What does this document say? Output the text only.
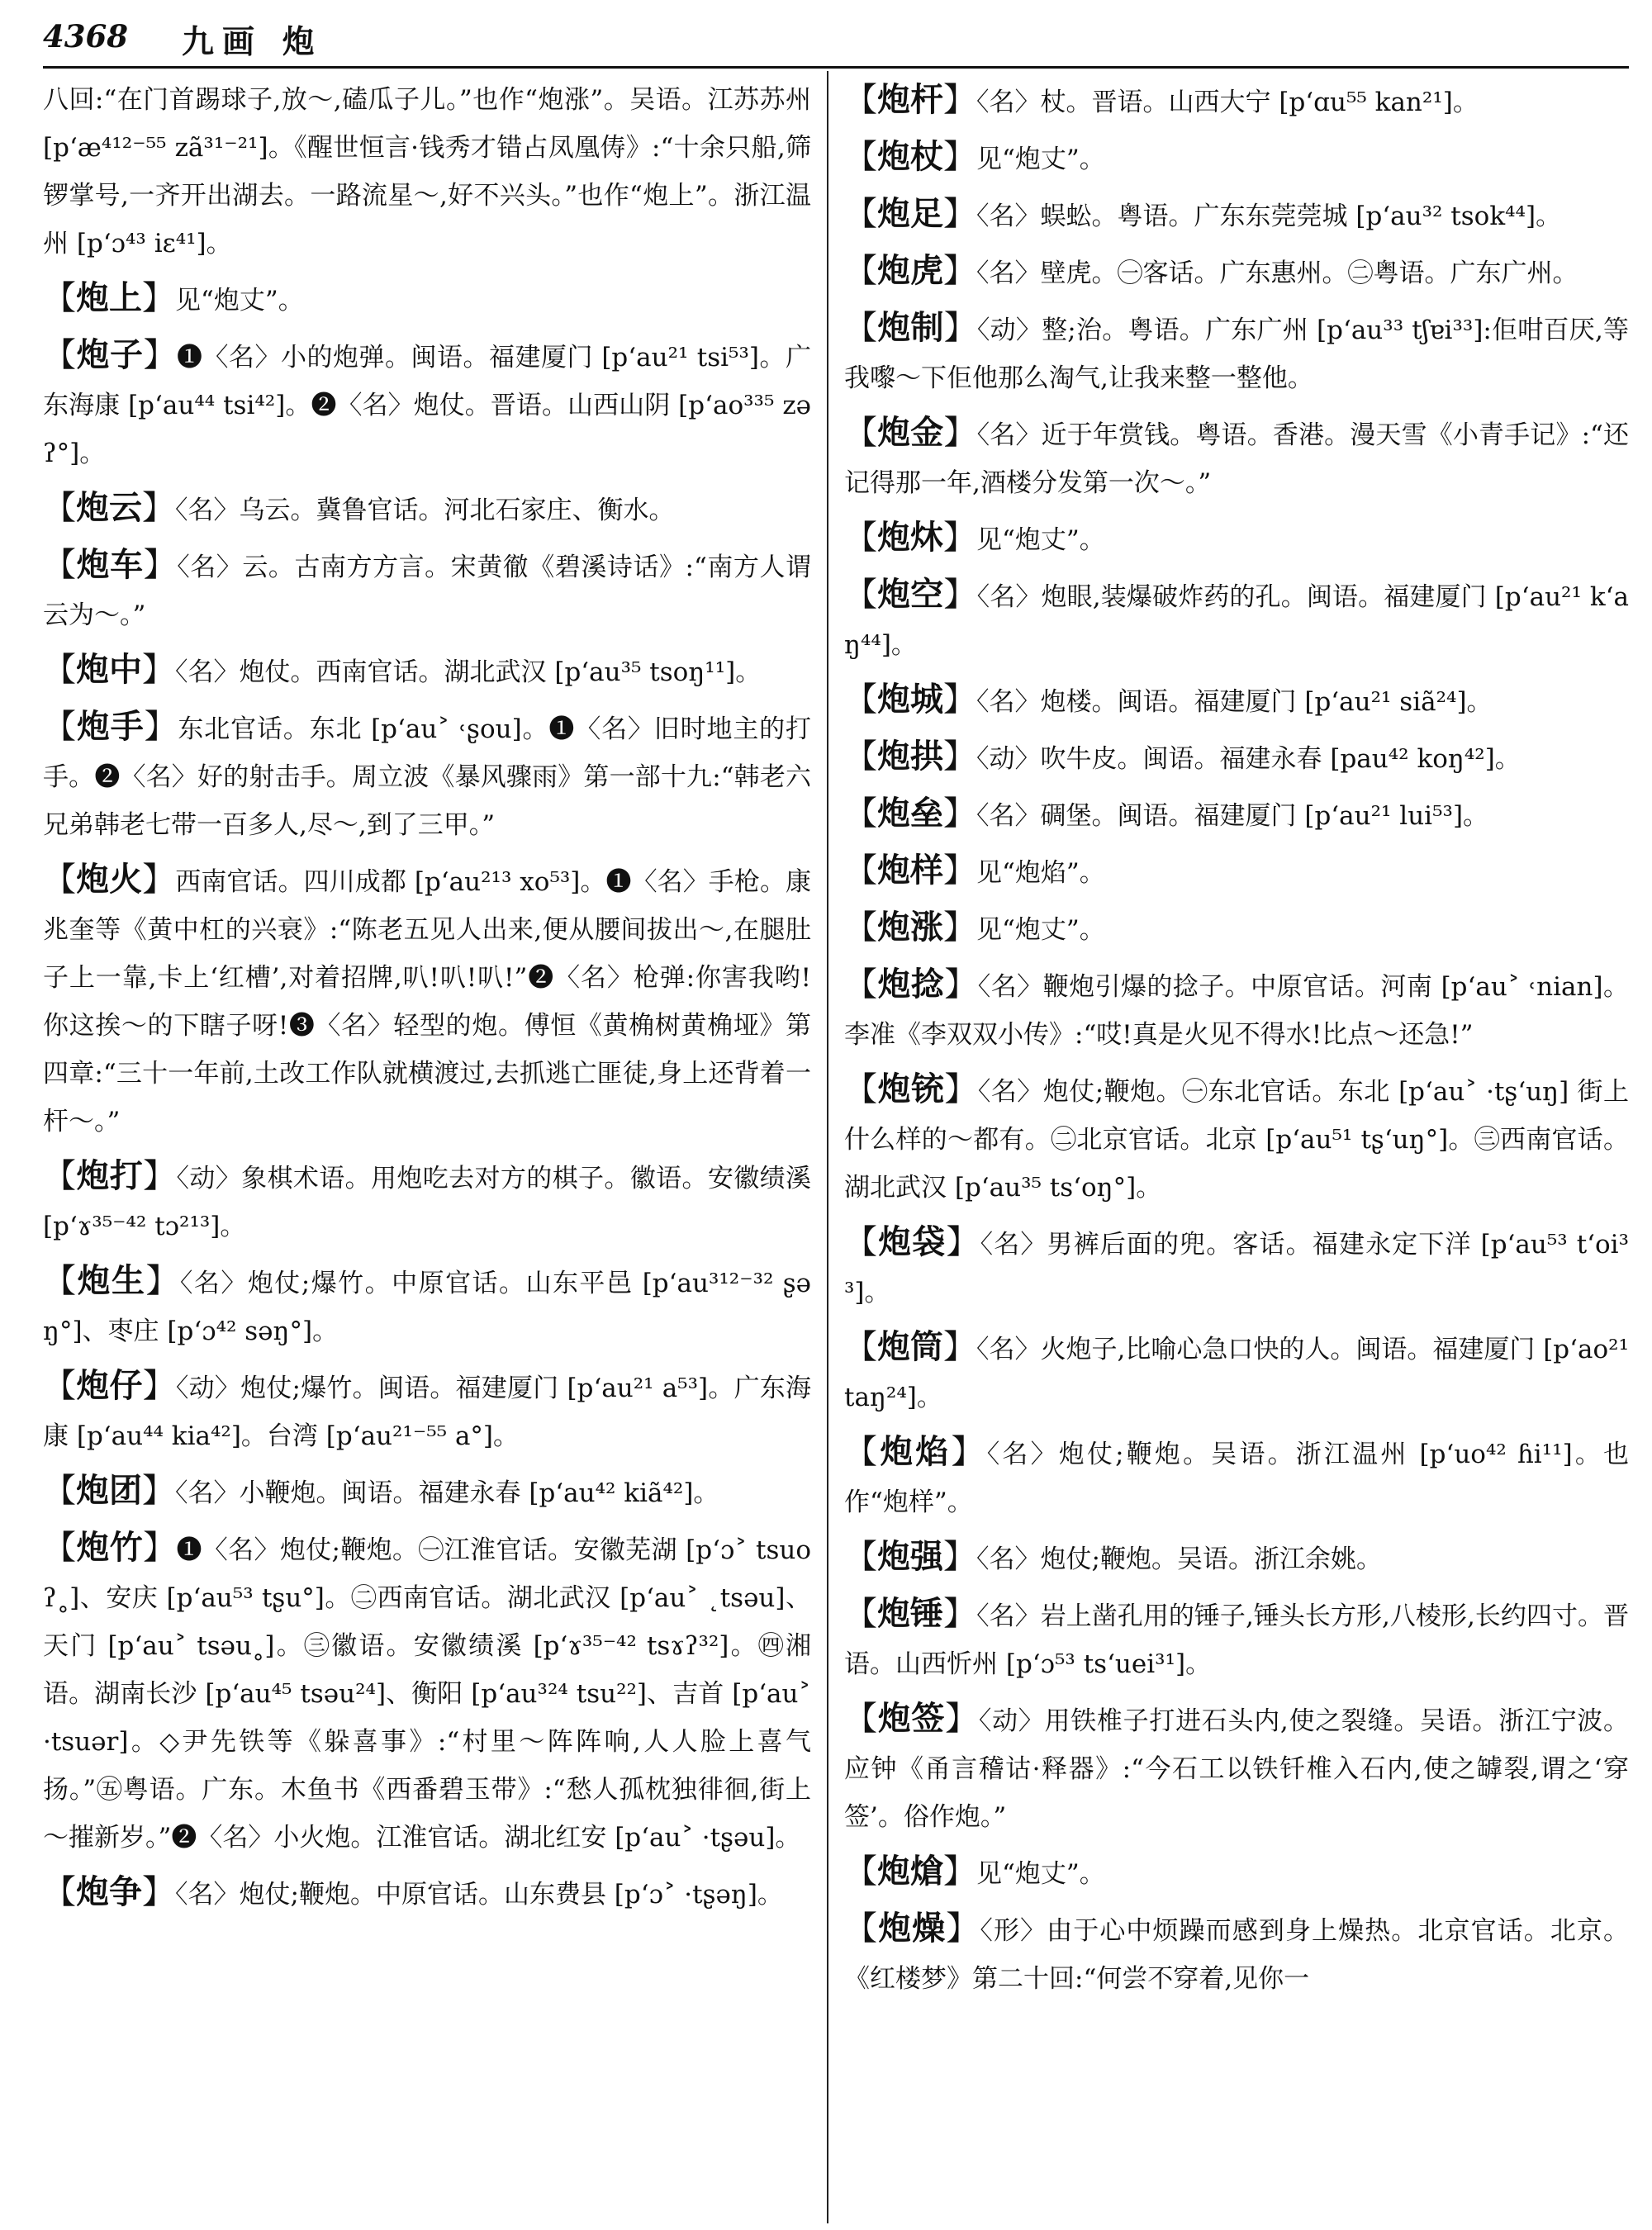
4368 九画 炮
八回:“在门首踢球子,放～,磕瓜子儿。”也作“炮涨”。吴语。江苏苏州 [pʻæ⁴¹²⁻⁵⁵ zã³¹⁻²¹]。《醒世恒言·钱秀才错占凤凰俦》:“十余只船,筛锣掌号,一齐开出湖去。一路流星～,好不兴头。”也作“炮上”。浙江温州 [pʻɔ⁴³ iɛ⁴¹]。
【炮上】见“炮丈”。
【炮子】❶〈名〉小的炮弹。闽语。福建厦门 [pʻau²¹ tsi⁵³]。广东海康 [pʻau⁴⁴ tsi⁴²]。❷〈名〉炮仗。晋语。山西山阴 [pʻao³³⁵ zəʔ°]。
【炮云】〈名〉乌云。冀鲁官话。河北石家庄、衡水。
【炮车】〈名〉云。古南方方言。宋黄徹《碧溪诗话》:“南方人谓云为～。”
【炮中】〈名〉炮仗。西南官话。湖北武汉 [pʻau³⁵ tsoŋ¹¹]。
【炮手】东北官话。东北 [pʻau˃ ˓ʂou]。❶〈名〉旧时地主的打手。❷〈名〉好的射击手。周立波《暴风骤雨》第一部十九:“韩老六兄弟韩老七带一百多人,尽～,到了三甲。”
【炮火】西南官话。四川成都 [pʻau²¹³ xo⁵³]。❶〈名〉手枪。康兆奎等《黄中杠的兴衰》:“陈老五见人出来,便从腰间拔出～,在腿肚子上一靠,卡上‘红槽’,对着招牌,叭!叭!叭!”❷〈名〉枪弹:你害我哟!你这挨～的下瞎子呀!❸〈名〉轻型的炮。傅恒《黄桷树黄桷垭》第四章:“三十一年前,土改工作队就横渡过,去抓逃亡匪徒,身上还背着一杆～。”
【炮打】〈动〉象棋术语。用炮吃去对方的棋子。徽语。安徽绩溪 [pʻɤ³⁵⁻⁴² tɔ²¹³]。
【炮生】〈名〉炮仗;爆竹。中原官话。山东平邑 [pʻau³¹²⁻³² ʂəŋ°]、枣庄 [pʻɔ⁴² səŋ°]。
【炮仔】〈动〉炮仗;爆竹。闽语。福建厦门 [pʻau²¹ a⁵³]。广东海康 [pʻau⁴⁴ kia⁴²]。台湾 [pʻau²¹⁻⁵⁵ a°]。
【炮团】〈名〉小鞭炮。闽语。福建永春 [pʻau⁴² kiã⁴²]。
【炮竹】❶〈名〉炮仗;鞭炮。㊀江淮官话。安徽芜湖 [pʻɔ˃ tsuoʔ˳]、安庆 [pʻau⁵³ tʂu°]。㊁西南官话。湖北武汉 [pʻau˃ ˛tsəu]、天门 [pʻau˃ tsəu˳]。㊂徽语。安徽绩溪 [pʻɤ³⁵⁻⁴² tsɤʔ³²]。㊃湘语。湖南长沙 [pʻau⁴⁵ tsəu²⁴]、衡阳 [pʻau³²⁴ tsu²²]、吉首 [pʻau˃ ·tsuər]。◇尹先铁等《躲喜事》:“村里～阵阵响,人人脸上喜气扬。”㊄粤语。广东。木鱼书《西番碧玉带》:“愁人孤枕独徘徊,街上～摧新岁。”❷〈名〉小火炮。江淮官话。湖北红安 [pʻau˃ ·tʂəu]。
【炮争】〈名〉炮仗;鞭炮。中原官话。山东费县 [pʻɔ˃ ·tʂəŋ]。
【炮杆】〈名〉杖。晋语。山西大宁 [pʻɑu⁵⁵ kan²¹]。
【炮杖】见“炮丈”。
【炮足】〈名〉蜈蚣。粤语。广东东莞莞城 [pʻau³² tsok⁴⁴]。
【炮虎】〈名〉壁虎。㊀客话。广东惠州。㊁粤语。广东广州。
【炮制】〈动〉整;治。粤语。广东广州 [pʻau³³ tʃɐi³³]:佢咁百厌,等我嚟～下佢他那么淘气,让我来整一整他。
【炮金】〈名〉近于年赏钱。粤语。香港。漫天雪《小青手记》:“还记得那一年,酒楼分发第一次～。”
【炮炑】见“炮丈”。
【炮空】〈名〉炮眼,装爆破炸药的孔。闽语。福建厦门 [pʻau²¹ kʻaŋ⁴⁴]。
【炮城】〈名〉炮楼。闽语。福建厦门 [pʻau²¹ siã²⁴]。
【炮拱】〈动〉吹牛皮。闽语。福建永春 [pau⁴² koŋ⁴²]。
【炮垒】〈名〉碉堡。闽语。福建厦门 [pʻau²¹ lui⁵³]。
【炮样】见“炮焰”。
【炮涨】见“炮丈”。
【炮捻】〈名〉鞭炮引爆的捻子。中原官话。河南 [pʻau˃ ˓nian]。李准《李双双小传》:“哎!真是火见不得水!比点～还急!”
【炮铳】〈名〉炮仗;鞭炮。㊀东北官话。东北 [pʻau˃ ·tʂʻuŋ] 街上什么样的～都有。㊁北京官话。北京 [pʻau⁵¹ tʂʻuŋ°]。㊂西南官话。湖北武汉 [pʻau³⁵ tsʻoŋ°]。
【炮袋】〈名〉男裤后面的兜。客话。福建永定下洋 [pʻau⁵³ tʻoi³³]。
【炮筒】〈名〉火炮子,比喻心急口快的人。闽语。福建厦门 [pʻao²¹ taŋ²⁴]。
【炮焰】〈名〉炮仗;鞭炮。吴语。浙江温州 [pʻuo⁴² ɦi¹¹]。也作“炮样”。
【炮强】〈名〉炮仗;鞭炮。吴语。浙江余姚。
【炮锤】〈名〉岩上凿孔用的锤子,锤头长方形,八棱形,长约四寸。晋语。山西忻州 [pʻɔ⁵³ tsʻuei³¹]。
【炮签】〈动〉用铁椎子打进石头内,使之裂缝。吴语。浙江宁波。应钟《甬言稽诂·释器》:“今石工以铁钎椎入石内,使之罅裂,谓之‘穿签’。俗作炮。”
【炮熗】见“炮丈”。
【炮燥】〈形〉由于心中烦躁而感到身上燥热。北京官话。北京。《红楼梦》第二十回:“何尝不穿着,见你一
